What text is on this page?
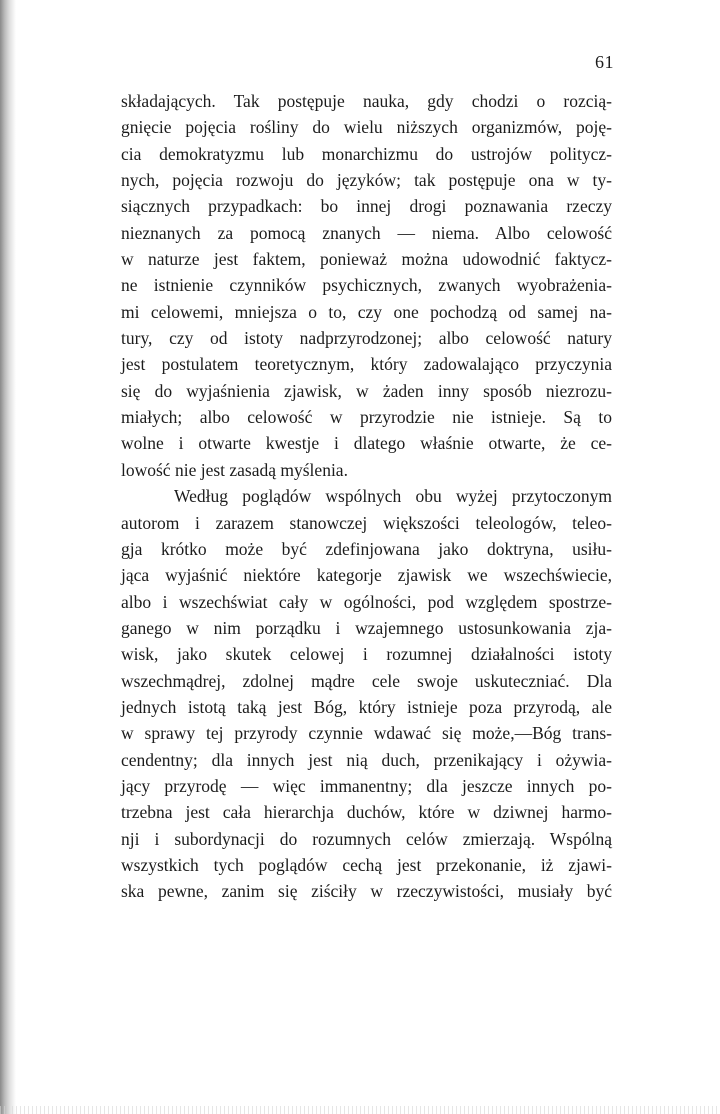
61
składających. Tak postępuje nauka, gdy chodzi o rozcią-
gnięcie pojęcia rośliny do wielu niższych organizmów, poję-
cia demokratyzmu lub monarchizmu do ustrojów politycz-
nych, pojęcia rozwoju do języków; tak postępuje ona w ty-
siącznych przypadkach: bo innej drogi poznawania rzeczy
nieznanych za pomocą znanych — niema. Albo celowość
w naturze jest faktem, ponieważ można udowodnić faktycz-
ne istnienie czynników psychicznych, zwanych wyobrażenia-
mi celowemi, mniejsza o to, czy one pochodzą od samej na-
tury, czy od istoty nadprzyrodzonej; albo celowość natury
jest postulatem teoretycznym, który zadowalająco przyczynia
się do wyjaśnienia zjawisk, w żaden inny sposób niezrozu-
miałych; albo celowość w przyrodzie nie istnieje. Są to
wolne i otwarte kwestje i dlatego właśnie otwarte, że ce-
lowość nie jest zasadą myślenia.
Według poglądów wspólnych obu wyżej przytoczonym
autorom i zarazem stanowczej większości teleologów, teleo-
gja krótko może być zdefinjowana jako doktryna, usiłu-
jąca wyjaśnić niektóre kategorje zjawisk we wszechświecie,
albo i wszechświat cały w ogólności, pod względem spostrze-
ganego w nim porządku i wzajemnego ustosunkowania zja-
wisk, jako skutek celowej i rozumnej działalności istoty
wszechmądrej, zdolnej mądre cele swoje uskuteczniać. Dla
jednych istotą taką jest Bóg, który istnieje poza przyrodą, ale
w sprawy tej przyrody czynnie wdawać się może,—Bóg trans-
cendentny; dla innych jest nią duch, przenikający i ożywia-
jący przyrodę — więc immanentny; dla jeszcze innych po-
trzebna jest cała hierarchja duchów, które w dziwnej harmo-
nji i subordynacji do rozumnych celów zmierzają. Wspólną
wszystkich tych poglądów cechą jest przekonanie, iż zjawi-
ska pewne, zanim się ziściły w rzeczywistości, musiały być
